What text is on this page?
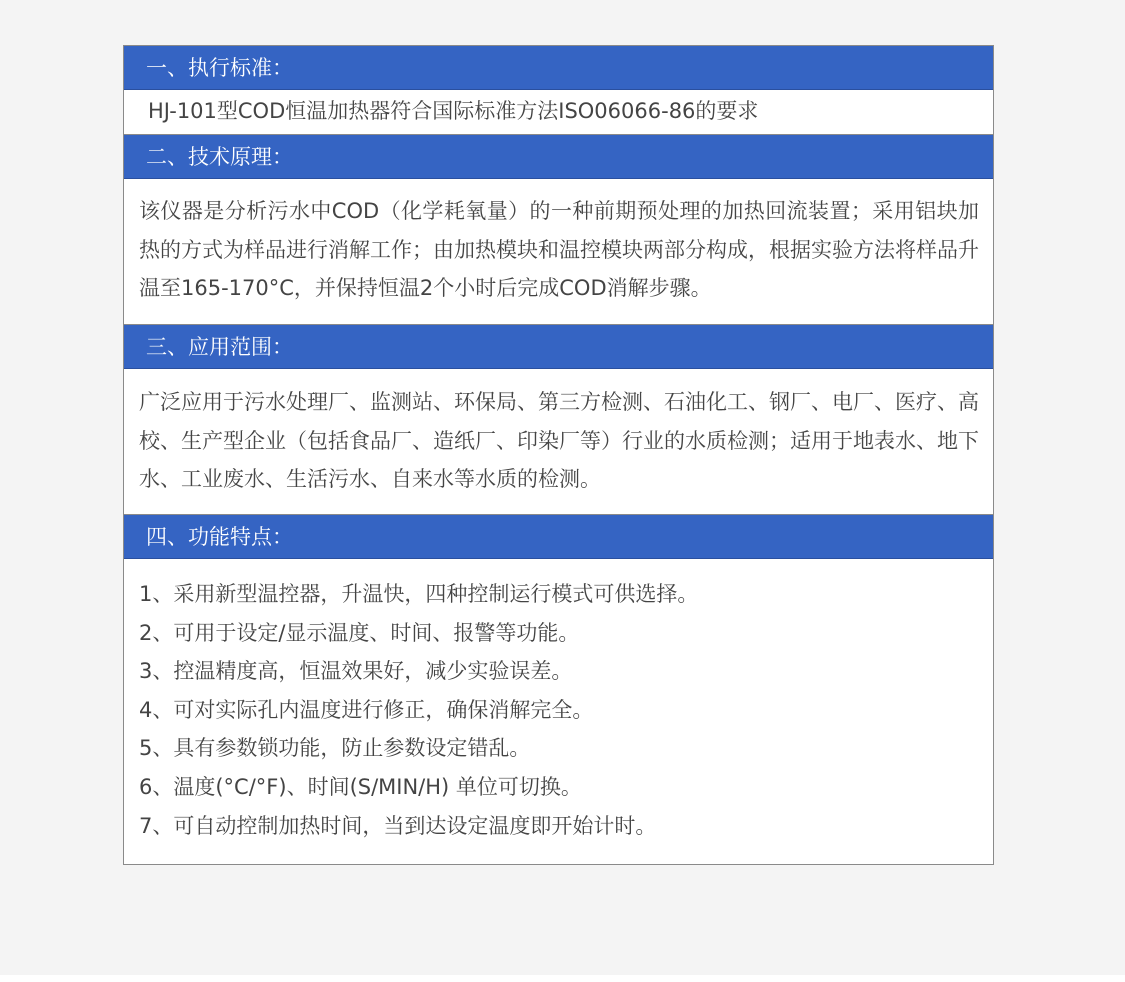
一、执行标准：
HJ-101型COD恒温加热器符合国际标准方法ISO06066-86的要求
二、技术原理：
该仪器是分析污水中COD（化学耗氧量）的一种前期预处理的加热回流装置；采用铝块加热的方式为样品进行消解工作；由加热模块和温控模块两部分构成，根据实验方法将样品升温至165-170°C，并保持恒温2个小时后完成COD消解步骤。
三、应用范围：
广泛应用于污水处理厂、监测站、环保局、第三方检测、石油化工、钢厂、电厂、医疗、高校、生产型企业（包括食品厂、造纸厂、印染厂等）行业的水质检测；适用于地表水、地下水、工业废水、生活污水、自来水等水质的检测。
四、功能特点：
1、采用新型温控器，升温快，四种控制运行模式可供选择。
2、可用于设定/显示温度、时间、报警等功能。
3、控温精度高，恒温效果好，减少实验误差。
4、可对实际孔内温度进行修正，确保消解完全。
5、具有参数锁功能，防止参数设定错乱。
6、温度(°C/°F)、时间(S/MIN/H) 单位可切换。
7、可自动控制加热时间，当到达设定温度即开始计时。
